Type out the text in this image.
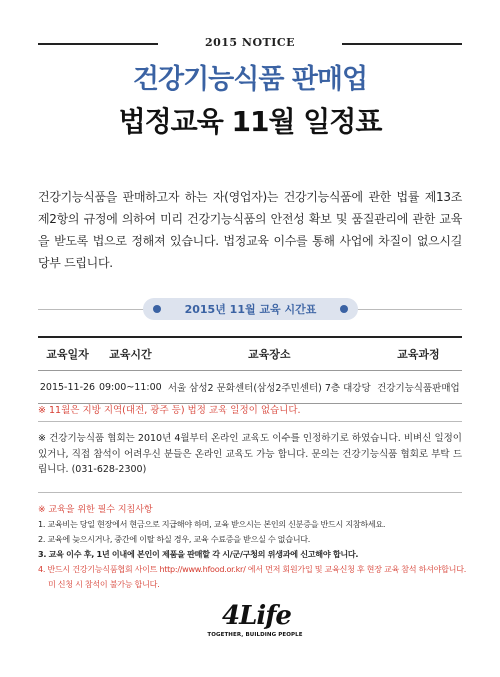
2015 NOTICE
건강기능식품 판매업
법정교육 11월 일정표
건강기능식품을 판매하고자 하는 자(영업자)는 건강기능식품에 관한 법률 제13조 제2항의 규정에 의하여 미리 건강기능식품의 안전성 확보 및 품질관리에 관한 교육을 받도록 법으로 정해져 있습니다. 법정교육 이수를 통해 사업에 차질이 없으시길 당부 드립니다.
2015년 11월 교육 시간표
교육일자	교육시간	교육장소	교육과정
2015-11-26	09:00~11:00	서울 삼성2 문화센터(삼성2주민센터) 7층 대강당	건강기능식품판매업
※ 11월은 지방 지역(대전, 광주 등) 법정 교육 일정이 없습니다.
※ 건강기능식품 협회는 2010년 4월부터 온라인 교육도 이수를 인정하기로 하였습니다. 비벼신 일정이 있거나, 직접 참석이 어려우신 분들은 온라인 교육도 가능 합니다. 문의는 건강기능식품 협회로 부탁 드립니다. (031-628-2300)
※ 교육을 위한 필수 지침사항
1. 교육비는 당일 현장에서 현금으로 지급해야 하며, 교육 받으시는 본인의 신분증을 반드시 지참하세요.
2. 교육에 늦으시거나, 중간에 이탈 하실 경우, 교육 수료증을 받으실 수 없습니다.
3. 교육 이수 후, 1년 이내에 본인이 제품을 판매할 각 시/군/구청의 위생과에 신고해야 합니다.
4. 반드시 건강기능식품협회 사이트 http://www.hfood.or.kr/ 에서 먼저 회원가입 및 교육신청 후 현장 교육 참석 하셔야합니다.
미 신청 시 참석이 불가능 합니다.
4Life
TOGETHER, BUILDING PEOPLE
